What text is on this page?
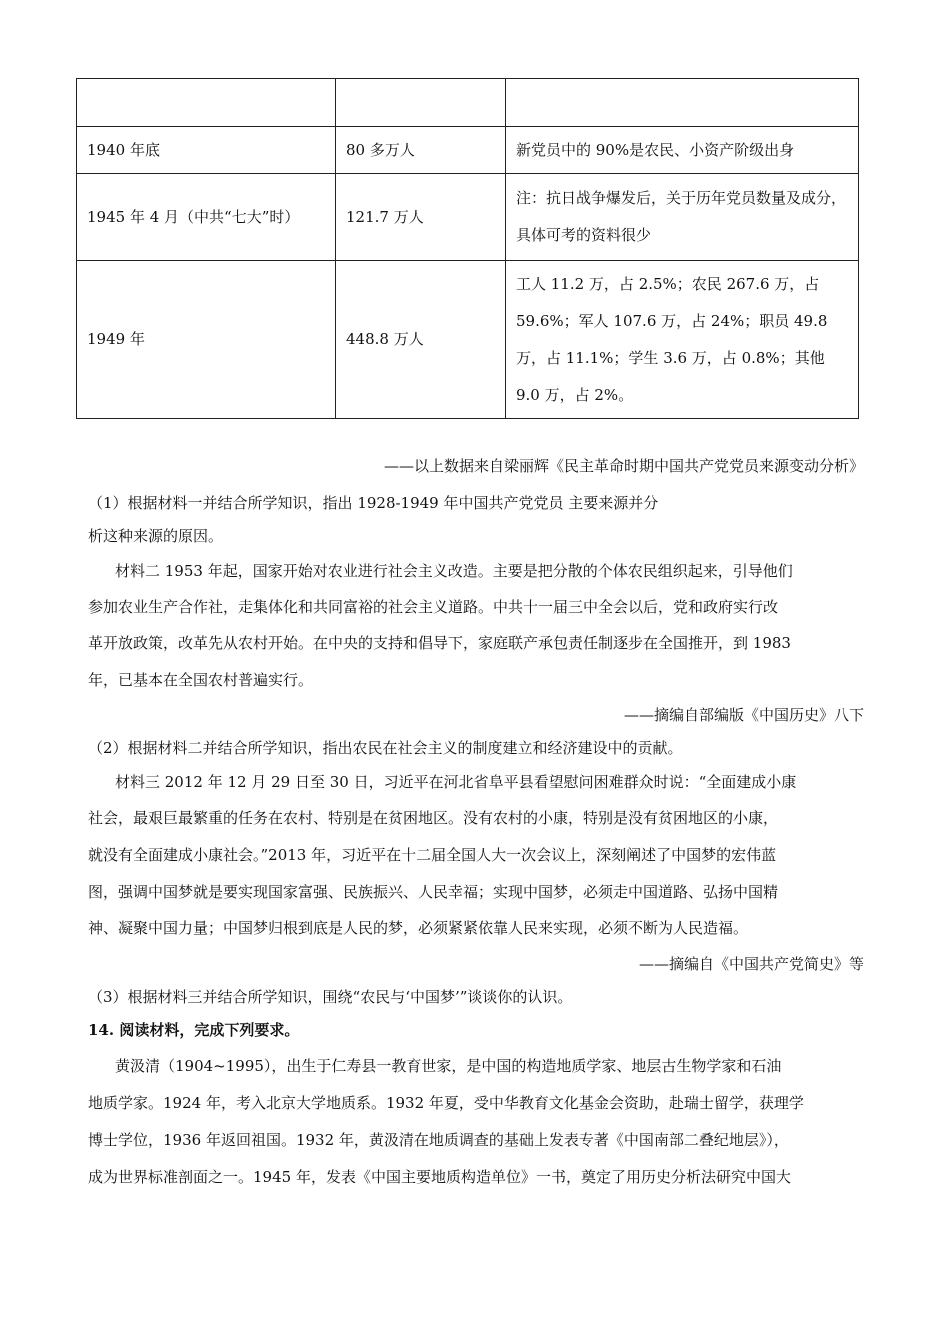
1940 年底	80 多万人	新党员中的 90%是农民、小资产阶级出身
1945 年 4 月（中共“七大”时）	121.7 万人	注：抗日战争爆发后，关于历年党员数量及成分，具体可考的资料很少
1949 年	448.8 万人	工人 11.2 万，占 2.5%；农民 267.6 万，占 59.6%；军人 107.6 万，占 24%；职员 49.8 万，占 11.1%；学生 3.6 万，占 0.8%；其他 9.0 万，占 2%。
——以上数据来自梁丽辉《民主革命时期中国共产党党员来源变动分析》
（1）根据材料一并结合所学知识，指出 1928-1949 年中国共产党党员 主要来源并分
析这种来源的原因。
材料二 1953 年起，国家开始对农业进行社会主义改造。主要是把分散的个体农民组织起来，引导他们
参加农业生产合作社，走集体化和共同富裕的社会主义道路。中共十一届三中全会以后，党和政府实行改
革开放政策，改革先从农村开始。在中央的支持和倡导下，家庭联产承包责任制逐步在全国推开，到 1983
年，已基本在全国农村普遍实行。
——摘编自部编版《中国历史》八下
（2）根据材料二并结合所学知识，指出农民在社会主义的制度建立和经济建设中的贡献。
材料三 2012 年 12 月 29 日至 30 日，习近平在河北省阜平县看望慰问困难群众时说：“全面建成小康
社会，最艰巨最繁重的任务在农村、特别是在贫困地区。没有农村的小康，特别是没有贫困地区的小康，
就没有全面建成小康社会。”2013 年，习近平在十二届全国人大一次会议上，深刻阐述了中国梦的宏伟蓝
图，强调中国梦就是要实现国家富强、民族振兴、人民幸福；实现中国梦，必须走中国道路、弘扬中国精
神、凝聚中国力量；中国梦归根到底是人民的梦，必须紧紧依靠人民来实现，必须不断为人民造福。
——摘编自《中国共产党简史》等
（3）根据材料三并结合所学知识，围绕“农民与‘中国梦’”谈谈你的认识。
14. 阅读材料，完成下列要求。
黄汲清（1904~1995），出生于仁寿县一教育世家，是中国的构造地质学家、地层古生物学家和石油
地质学家。1924 年，考入北京大学地质系。1932 年夏，受中华教育文化基金会资助，赴瑞士留学，获理学
博士学位，1936 年返回祖国。1932 年，黄汲清在地质调查的基础上发表专著《中国南部二叠纪地层》），
成为世界标准剖面之一。1945 年，发表《中国主要地质构造单位》一书，奠定了用历史分析法研究中国大
